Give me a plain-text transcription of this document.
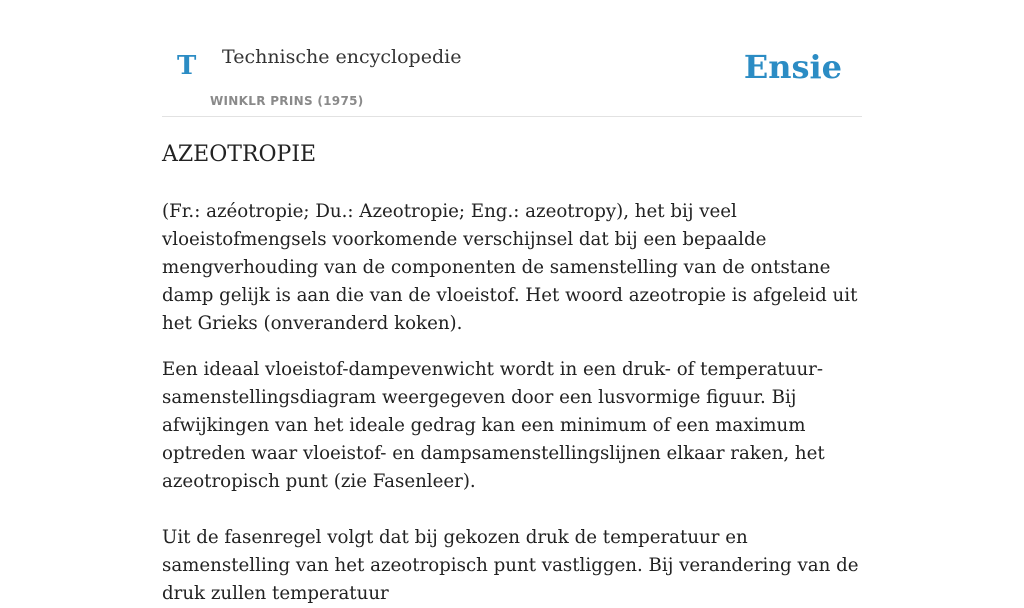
T Technische encyclopedie
WINKLR PRINS (1975)
Ensie
AZEOTROPIE

(Fr.: azéotropie; Du.: Azeotropie; Eng.: azeotropy), het bij veel vloeistofmengsels voorkomende verschijnsel dat bij een bepaalde mengverhouding van de componenten de samenstelling van de ontstane damp gelijk is aan die van de vloeistof. Het woord azeotropie is afgeleid uit het Grieks (onveranderd koken).

Een ideaal vloeistof-dampevenwicht wordt in een druk- of temperatuur-samenstellingsdiagram weergegeven door een lusvormige figuur. Bij afwijkingen van het ideale gedrag kan een minimum of een maximum optreden waar vloeistof- en dampsamenstellingslijnen elkaar raken, het azeotropisch punt (zie Fasenleer).

Uit de fasenregel volgt dat bij gekozen druk de temperatuur en samenstelling van het azeotropisch punt vastliggen. Bij verandering van de druk zullen temperatuur
